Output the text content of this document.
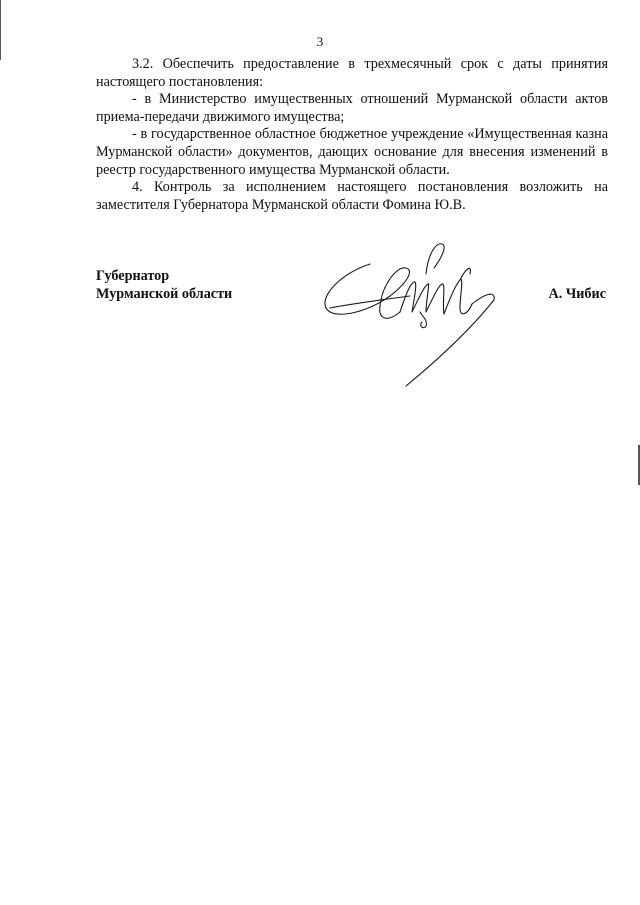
3

3.2. Обеспечить предоставление в трехмесячный срок с даты принятия настоящего постановления:

- в Министерство имущественных отношений Мурманской области актов приема-передачи движимого имущества;

- в государственное областное бюджетное учреждение «Имущественная казна Мурманской области» документов, дающих основание для внесения изменений в реестр государственного имущества Мурманской области.

4. Контроль за исполнением настоящего постановления возложить на заместителя Губернатора Мурманской области Фомина Ю.В.

Губернатор
Мурманской области	А. Чибис
